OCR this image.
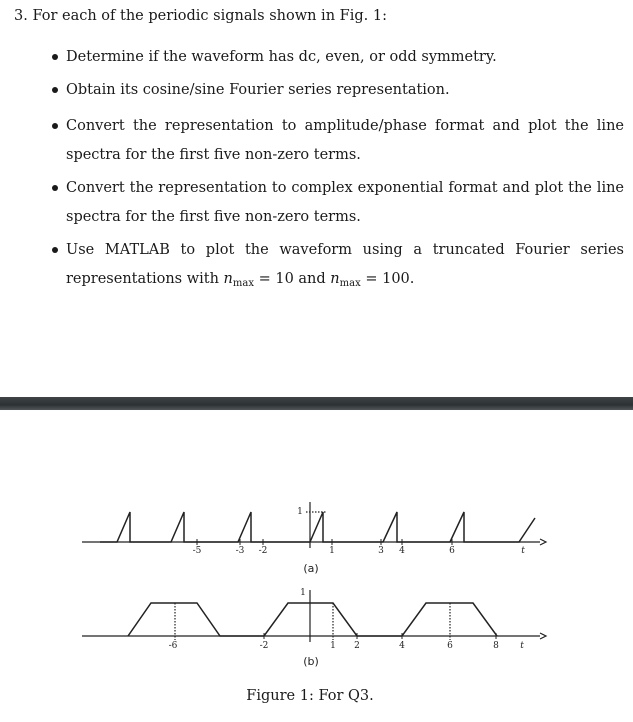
3. For each of the periodic signals shown in Fig. 1:
Determine if the waveform has dc, even, or odd symmetry.
Obtain its cosine/sine Fourier series representation.
Convert the representation to amplitude/phase format and plot the line spectra for the first five non-zero terms.
Convert the representation to complex exponential format and plot the line spectra for the first five non-zero terms.
Use MATLAB to plot the waveform using a truncated Fourier series representations with $n_{max} = 10$ and $n_{max} = 100$.
1
-5	-3 -2	1	3 4	6	t
(a)
1
-6	-2	1 2	4	6	8 t
(b)
Figure 1: For Q3.
